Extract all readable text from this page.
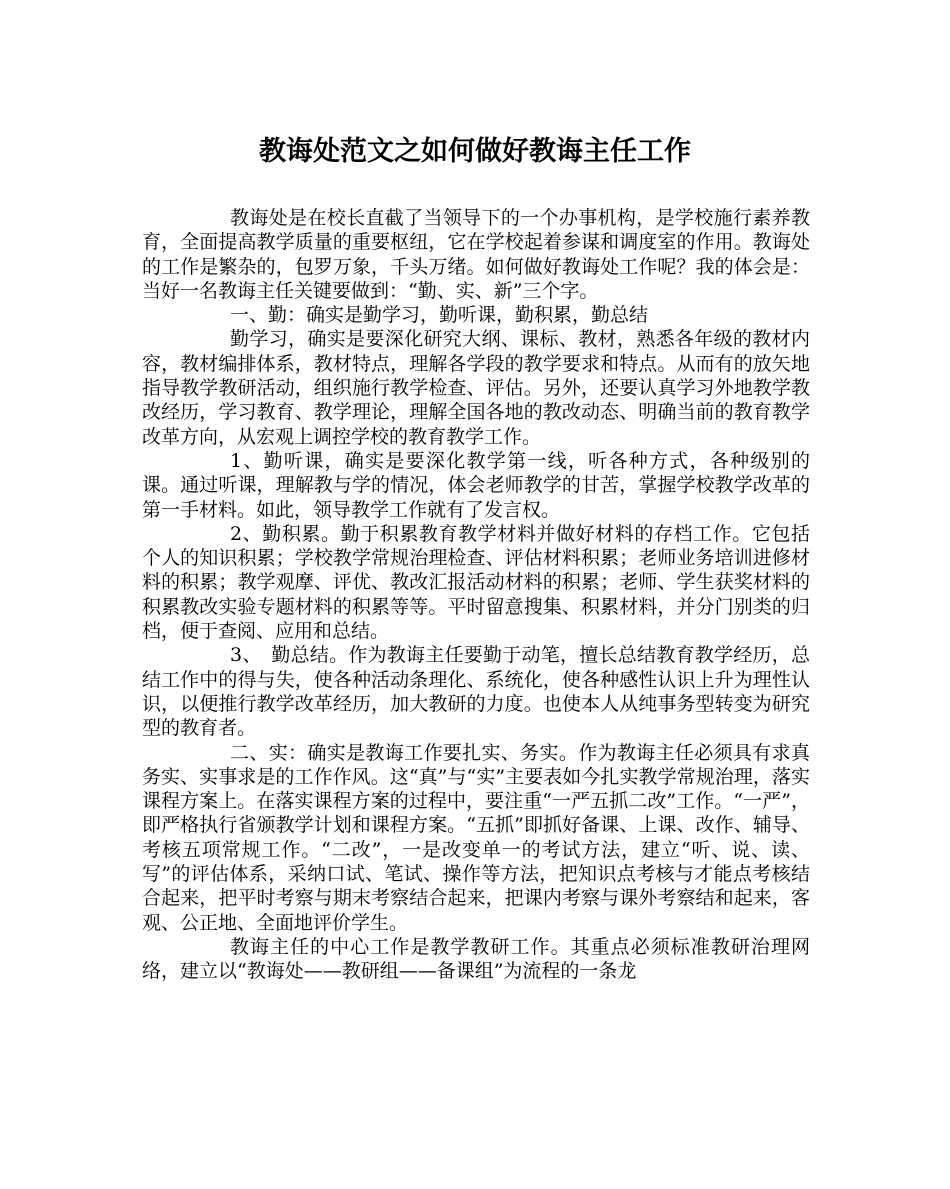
教诲处范文之如何做好教诲主任工作

教诲处是在校长直截了当领导下的一个办事机构，是学校施行素养教育，全面提高教学质量的重要枢纽，它在学校起着参谋和调度室的作用。教诲处的工作是繁杂的，包罗万象，千头万绪。如何做好教诲处工作呢？我的体会是：当好一名教诲主任关键要做到：“勤、实、新”三个字。

一、勤：确实是勤学习，勤听课，勤积累，勤总结

勤学习，确实是要深化研究大纲、课标、教材，熟悉各年级的教材内容，教材编排体系，教材特点，理解各学段的教学要求和特点。从而有的放矢地指导教学教研活动，组织施行教学检查、评估。另外，还要认真学习外地教学教改经历，学习教育、教学理论，理解全国各地的教改动态、明确当前的教育教学改革方向，从宏观上调控学校的教育教学工作。

1、勤听课，确实是要深化教学第一线，听各种方式，各种级别的课。通过听课，理解教与学的情况，体会老师教学的甘苦，掌握学校教学改革的第一手材料。如此，领导教学工作就有了发言权。

2、勤积累。勤于积累教育教学材料并做好材料的存档工作。它包括个人的知识积累；学校教学常规治理检查、评估材料积累；老师业务培训进修材料的积累；教学观摩、评优、教改汇报活动材料的积累；老师、学生获奖材料的积累教改实验专题材料的积累等等。平时留意搜集、积累材料，并分门别类的归档，便于查阅、应用和总结。

3、　勤总结。作为教诲主任要勤于动笔，擅长总结教育教学经历，总结工作中的得与失，使各种活动条理化、系统化，使各种感性认识上升为理性认识，以便推行教学改革经历，加大教研的力度。也使本人从纯事务型转变为研究型的教育者。

二、实：确实是教诲工作要扎实、务实。作为教诲主任必须具有求真务实、实事求是的工作作风。这“真”与“实”主要表如今扎实教学常规治理，落实课程方案上。在落实课程方案的过程中，要注重“一严五抓二改”工作。“一严”，即严格执行省颁教学计划和课程方案。“五抓”即抓好备课、上课、改作、辅导、考核五项常规工作。“二改”，一是改变单一的考试方法，建立“听、说、读、写”的评估体系，采纳口试、笔试、操作等方法，把知识点考核与才能点考核结合起来，把平时考察与期末考察结合起来，把课内考察与课外考察结和起来，客观、公正地、全面地评价学生。

教诲主任的中心工作是教学教研工作。其重点必须标准教研治理网络，建立以“教诲处——教研组——备课组”为流程的一条龙
